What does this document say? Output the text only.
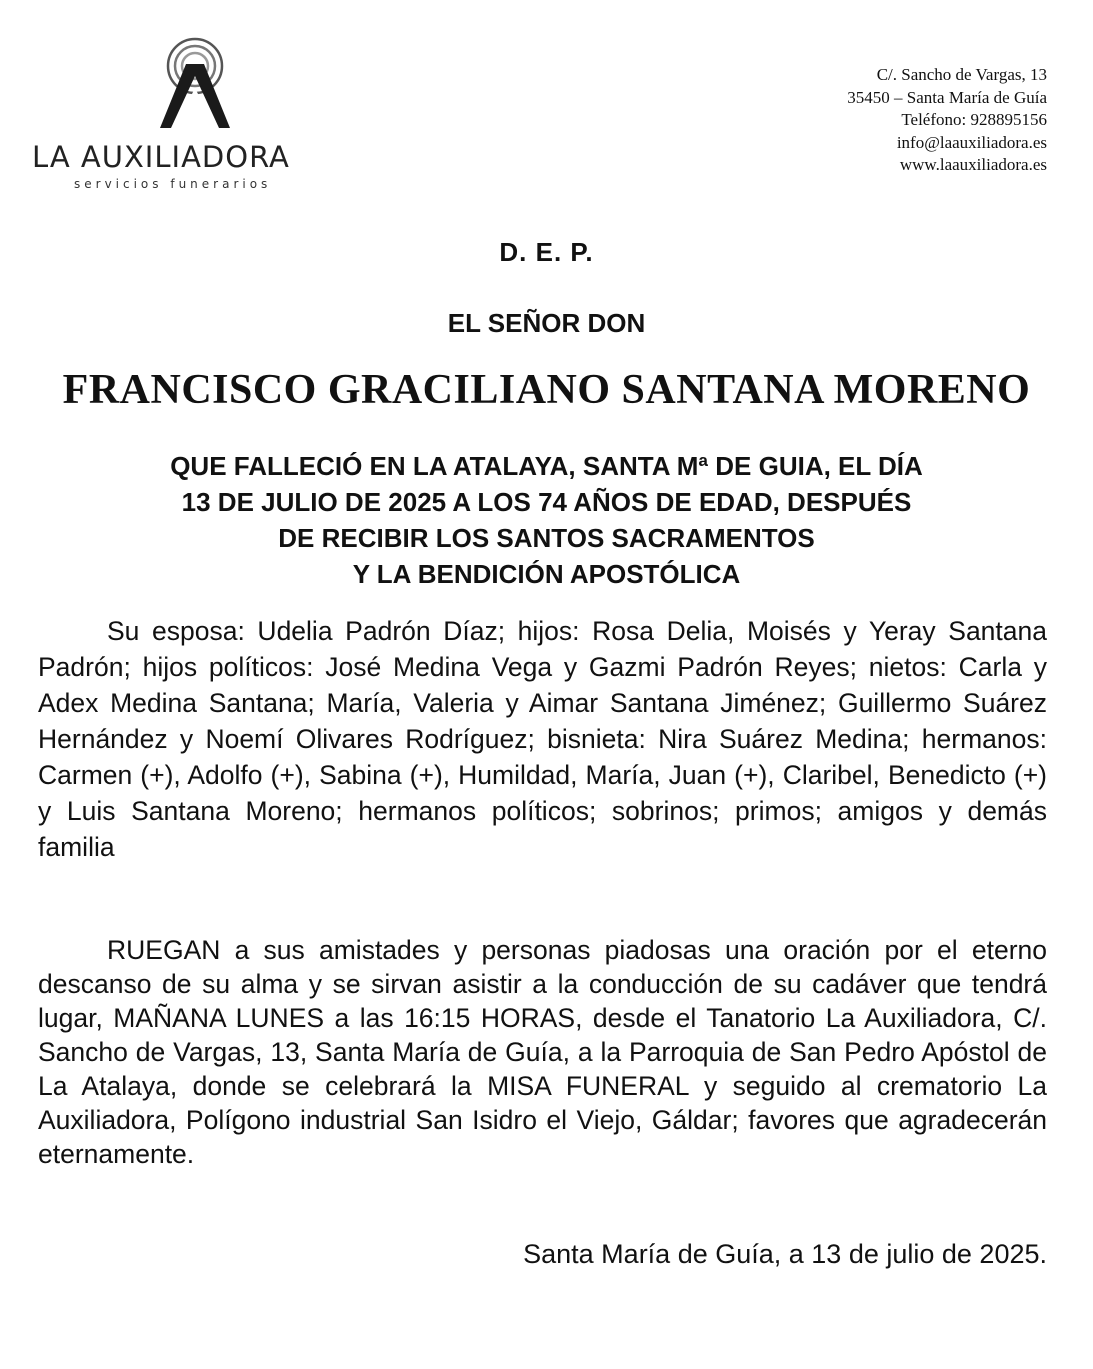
LA AUXILIADORA
servicios funerarios
C/. Sancho de Vargas, 13
35450 – Santa María de Guía
Teléfono: 928895156
info@laauxiliadora.es
www.laauxiliadora.es
D. E. P.
EL SEÑOR DON
FRANCISCO GRACILIANO SANTANA MORENO
QUE FALLECIÓ EN LA ATALAYA, SANTA Mª DE GUIA, EL DÍA
13 DE JULIO DE 2025 A LOS 74 AÑOS DE EDAD, DESPUÉS
DE RECIBIR LOS SANTOS SACRAMENTOS
Y LA BENDICIÓN APOSTÓLICA

Su esposa: Udelia Padrón Díaz; hijos: Rosa Delia, Moisés y Yeray Santana Padrón; hijos políticos: José Medina Vega y Gazmi Padrón Reyes; nietos: Carla y Adex Medina Santana; María, Valeria y Aimar Santana Jiménez; Guillermo Suárez Hernández y Noemí Olivares Rodríguez; bisnieta: Nira Suárez Medina; hermanos: Carmen (+), Adolfo (+), Sabina (+), Humildad, María, Juan (+), Claribel, Benedicto (+) y Luis Santana Moreno; hermanos políticos; sobrinos; primos; amigos y demás familia

RUEGAN a sus amistades y personas piadosas una oración por el eterno descanso de su alma y se sirvan asistir a la conducción de su cadáver que tendrá lugar, MAÑANA LUNES a las 16:15 HORAS, desde el Tanatorio La Auxiliadora, C/. Sancho de Vargas, 13, Santa María de Guía, a la Parroquia de San Pedro Apóstol de La Atalaya, donde se celebrará la MISA FUNERAL y seguido al crematorio La Auxiliadora, Polígono industrial San Isidro el Viejo, Gáldar; favores que agradecerán eternamente.

Santa María de Guía, a 13 de julio de 2025.
